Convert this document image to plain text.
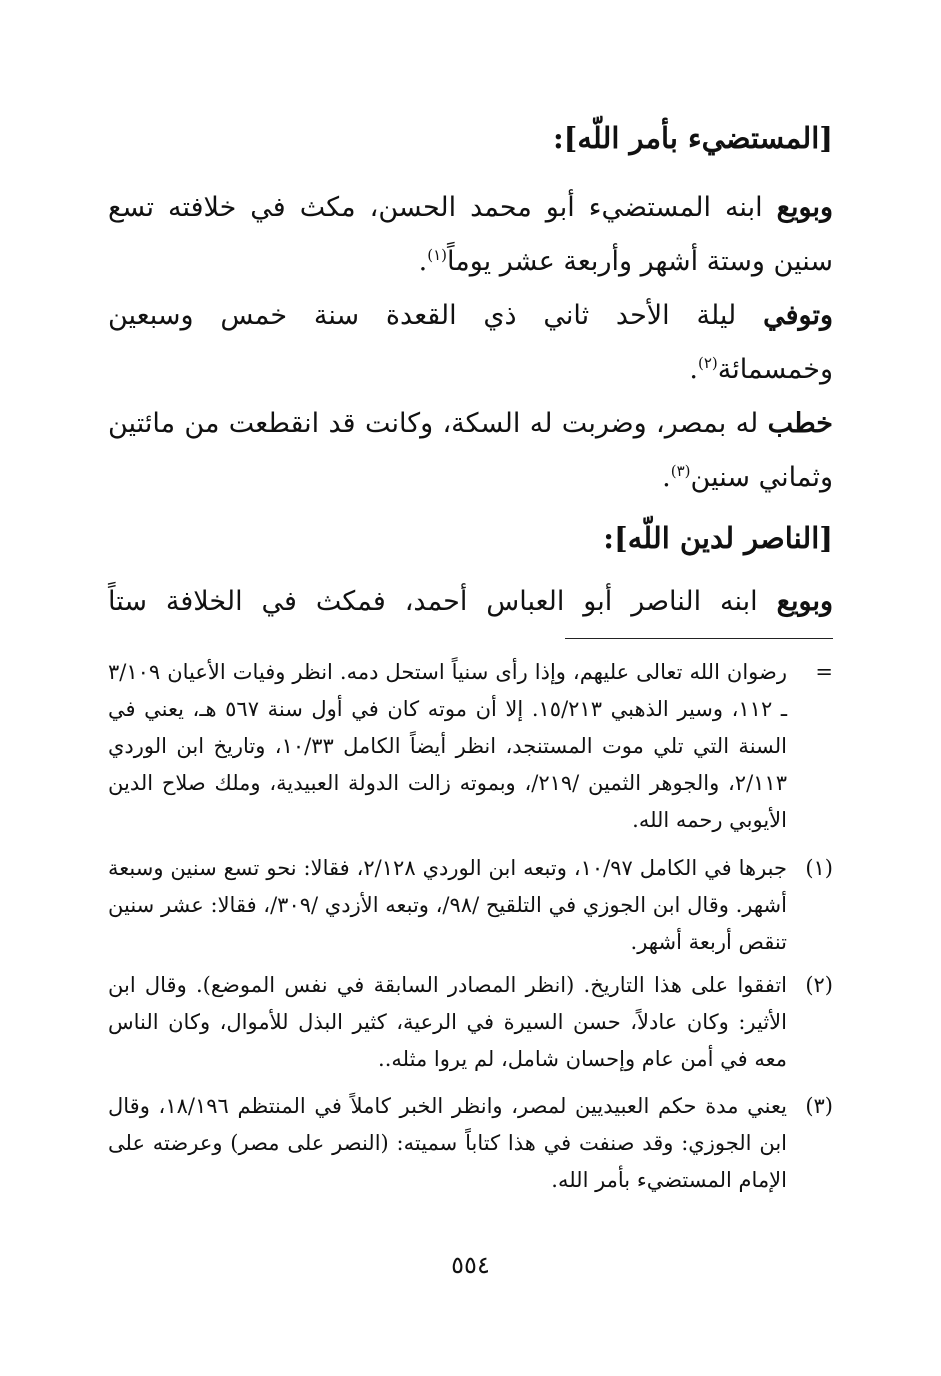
[المستضيء بأمر اللّه]:
وبويع ابنه المستضيء أبو محمد الحسن، مكث في خلافته تسع سنين وستة أشهر وأربعة عشر يوماً$^{(١)}$.
وتوفي ليلة الأحد ثاني ذي القعدة سنة خمس وسبعين وخمسمائة$^{(٢)}$.
خطب له بمصر، وضربت له السكة، وكانت قد انقطعت من مائتين وثماني سنين$^{(٣)}$.
[الناصر لدين اللّه]:
وبويع ابنه الناصر أبو العباس أحمد، فمكث في الخلافة ستاً
=
رضوان الله تعالى عليهم، وإذا رأى سنياً استحل دمه. انظر وفيات الأعيان ٣/١٠٩ ـ ١١٢، وسير الذهبي ١٥/٢١٣. إلا أن موته كان في أول سنة ٥٦٧ هـ، يعني في السنة التي تلي موت المستنجد، انظر أيضاً الكامل ١٠/٣٣، وتاريخ ابن الوردي ٢/١١٣، والجوهر الثمين /٢١٩/، وبموته زالت الدولة العبيدية، وملك صلاح الدين الأيوبي رحمه الله.
(١)
جبرها في الكامل ١٠/٩٧، وتبعه ابن الوردي ٢/١٢٨، فقالا: نحو تسع سنين وسبعة أشهر. وقال ابن الجوزي في التلقيح /٩٨/، وتبعه الأزدي /٣٠٩/، فقالا: عشر سنين تنقص أربعة أشهر.
(٢)
اتفقوا على هذا التاريخ. (انظر المصادر السابقة في نفس الموضع). وقال ابن الأثير: وكان عادلاً، حسن السيرة في الرعية، كثير البذل للأموال، وكان الناس معه في أمن عام وإحسان شامل، لم يروا مثله..
(٣)
يعني مدة حكم العبيديين لمصر، وانظر الخبر كاملاً في المنتظم ١٨/١٩٦، وقال ابن الجوزي: وقد صنفت في هذا كتاباً سميته: (النصر على مصر) وعرضته على الإمام المستضيء بأمر الله.
٥٥٤
